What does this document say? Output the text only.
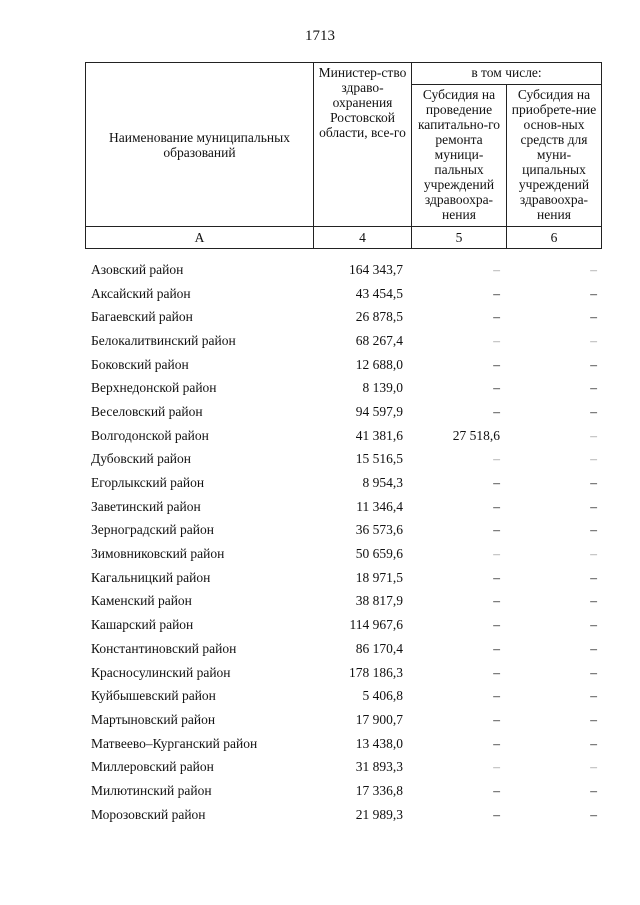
1713
Наименование муниципальных образований	Министер-ство здраво-охранения Ростовской области, все-го	в том числе:	
		Субсидия на проведение капитально-го ремонта муници-пальных учреждений здравоохра-нения	Субсидия на приобрете-ние основ-ных средств для муни-ципальных учреждений здравоохра-нения
А	4	5	6
Азовский район	164 343,7	–	–
Аксайский район	43 454,5	–	–
Багаевский район	26 878,5	–	–
Белокалитвинский район	68 267,4	–	–
Боковский район	12 688,0	–	–
Верхнедонской район	8 139,0	–	–
Веселовский район	94 597,9	–	–
Волгодонской район	41 381,6	27 518,6	–
Дубовский район	15 516,5	–	–
Егорлыкский район	8 954,3	–	–
Заветинский район	11 346,4	–	–
Зерноградский район	36 573,6	–	–
Зимовниковский район	50 659,6	–	–
Кагальницкий район	18 971,5	–	–
Каменский район	38 817,9	–	–
Кашарский район	114 967,6	–	–
Константиновский район	86 170,4	–	–
Красносулинский район	178 186,3	–	–
Куйбышевский район	5 406,8	–	–
Мартыновский район	17 900,7	–	–
Матвеево–Курганский район	13 438,0	–	–
Миллеровский район	31 893,3	–	–
Милютинский район	17 336,8	–	–
Морозовский район	21 989,3	–	–
